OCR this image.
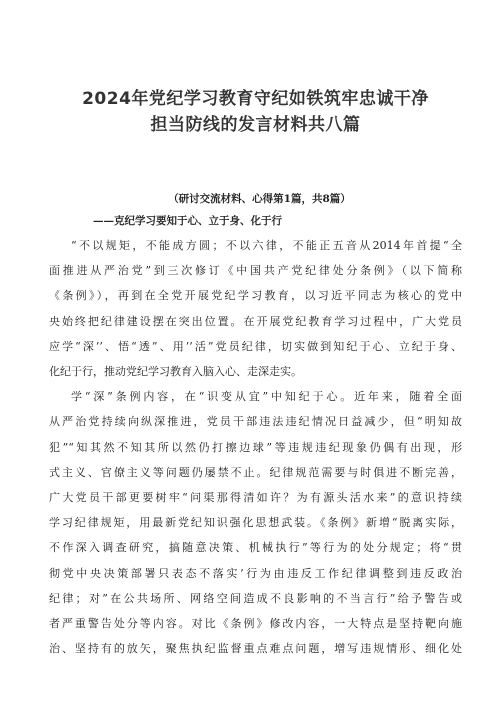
2024年党纪学习教育守纪如铁筑牢忠诚干净
担当防线的发言材料共八篇
（研讨交流材料、心得第1篇，共8篇）
——克纪学习要知于心、立于身、化于行

“不以规矩，不能成方圆；不以六律，不能正五音从2014年首提“全
面推进从严治党”到三次修订《中国共产党纪律处分条例》（以下简称
《条例》），再到在全党开展党纪学习教育，以习近平同志为核心的党中
央始终把纪律建设摆在突出位置。在开展党纪教育学习过程中，广大党员
应学“深’’、悟“透”、用’’活”党员纪律，切实做到知纪于心、立纪于身、
化纪于行，推动党纪学习教育入脑入心、走深走实。

学“深”条例内容，在“识变从宜”中知纪于心。近年来，随着全面
从严治党持续向纵深推进，党员干部违法违纪情况日益减少，但“明知故
犯”“知其然不知其所以然仍打擦边球”等违规违纪现象仍偶有出现，形
式主义、官僚主义等问题仍屡禁不止。纪律规范需要与时俱进不断完善，
广大党员干部更要树牢“问渠那得清如许？为有源头活水来”的意识持续
学习纪律规矩，用最新党纪知识强化思想武装。《条例》新增“脱离实际，
不作深入调查研究，搞随意决策、机械执行”等行为的处分规定；将“贯
彻党中央决策部署只表态不落实’行为由违反工作纪律调整到违反政治
纪律；对”在公共场所、网络空间造成不良影响的不当言行”给予警告或
者严重警告处分等内容。对比《条例》修改内容，一大特点是坚持靶向施
治、坚持有的放矢，聚焦执纪监督重点难点问题，增写违规情形、细化处
